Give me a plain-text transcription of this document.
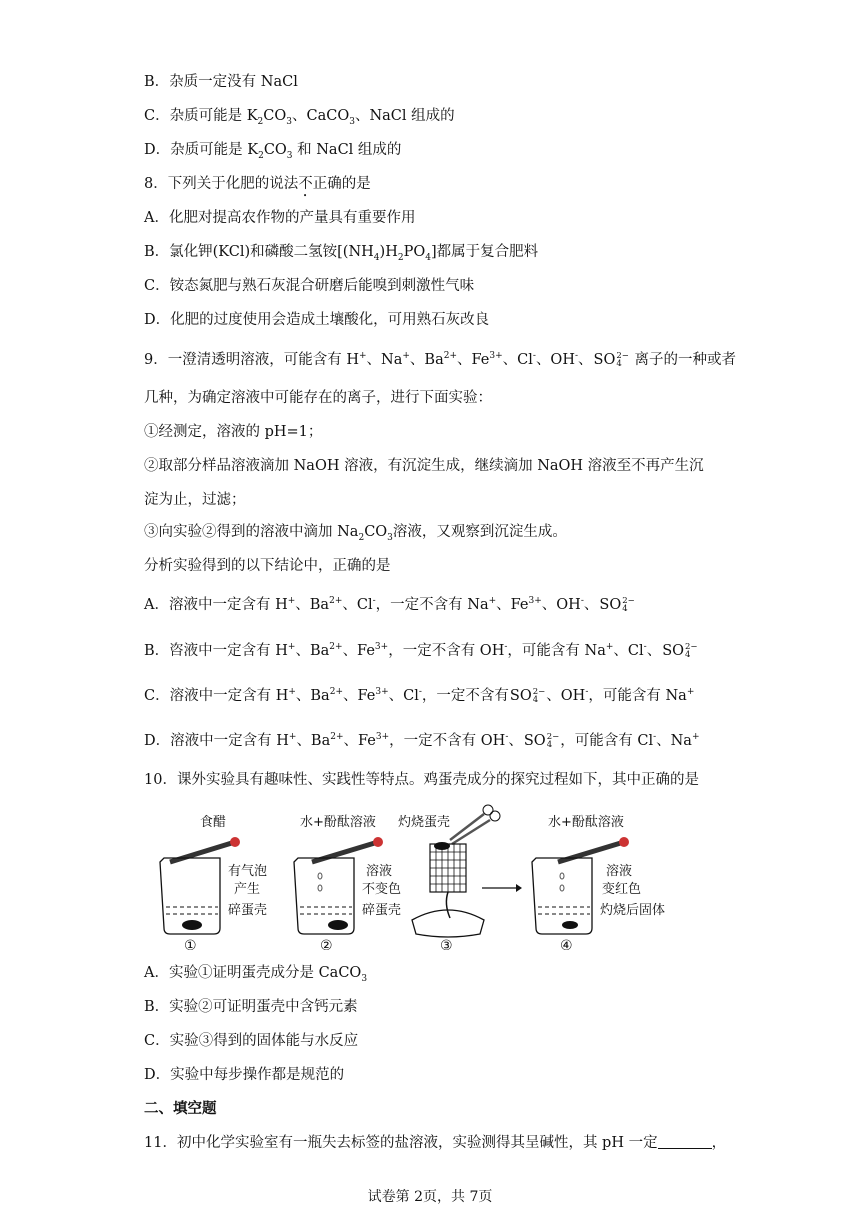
B．杂质一定没有 NaCl
C．杂质可能是 $K_2CO_3$、CaCO$_3$、NaCl 组成的
D．杂质可能是 $K_2CO_3$ 和 NaCl 组成的
8．下列关于化肥的说法不正确的是
A．化肥对提高农作物的产量具有重要作用
B．氯化钾(KCl)和磷酸二氢铵$[(NH_4)H_2PO_4]$都属于复合肥料
C．铵态氮肥与熟石灰混合研磨后能嗅到刺激性气味
D．化肥的过度使用会造成土壤酸化，可用熟石灰改良
9．一澄清透明溶液，可能含有 H+、Na+、$Ba^{2+}$、$Fe^{3+}$、Cl-、OH-、 SO 2−
4 离子的一种或者
几种，为确定溶液中可能存在的离子，进行下面实验：
①经测定，溶液的 pH=1；
②取部分样品溶液滴加 NaOH 溶液，有沉淀生成，继续滴加 NaOH 溶液至不再产生沉
淀为止，过滤；
③向实验②得到的溶液中滴加 $Na_2CO_3$溶液，又观察到沉淀生成。
分析实验得到的以下结论中，正确的是
A．溶液中一定含有 H+、$Ba^{2+}$、Cl-，一定不含有 Na+、$Fe^{3+}$、OH-、 SO 2−
4
B．咨液中一定含有 H+、$Ba^{2+}$、$Fe^{3+}$，一定不含有 OH-，可能含有 Na+、Cl-、 SO 2−
4
C．溶液中一定含有 H+、$Ba^{2+}$、$Fe^{3+}$、Cl-，一定不含有 SO 2−
4 、OH-，可能含有 Na+
D．溶液中一定含有 H+、$Ba^{2+}$、$Fe^{3+}$，一定不含有 OH-、 SO 2−
4 ，可能含有 Cl-、Na+
10．课外实验具有趣味性、实践性等特点。鸡蛋壳成分的探究过程如下，其中正确的是
食醋
有气泡
产生
碎蛋壳
①
水+酚酞溶液
溶液
不变色
碎蛋壳
②
灼烧蛋壳
③
水+酚酞溶液
溶液
变红色
灼烧后固体
④
A．实验①证明蛋壳成分是 CaCO$_3$
B．实验②可证明蛋壳中含钙元素
C．实验③得到的固体能与水反应
D．实验中每步操作都是规范的
二、填空题
11．初中化学实验室有一瓶失去标签的盐溶液，实验测得其呈碱性，其 pH 一定	，
试卷第 2页，共 7页
